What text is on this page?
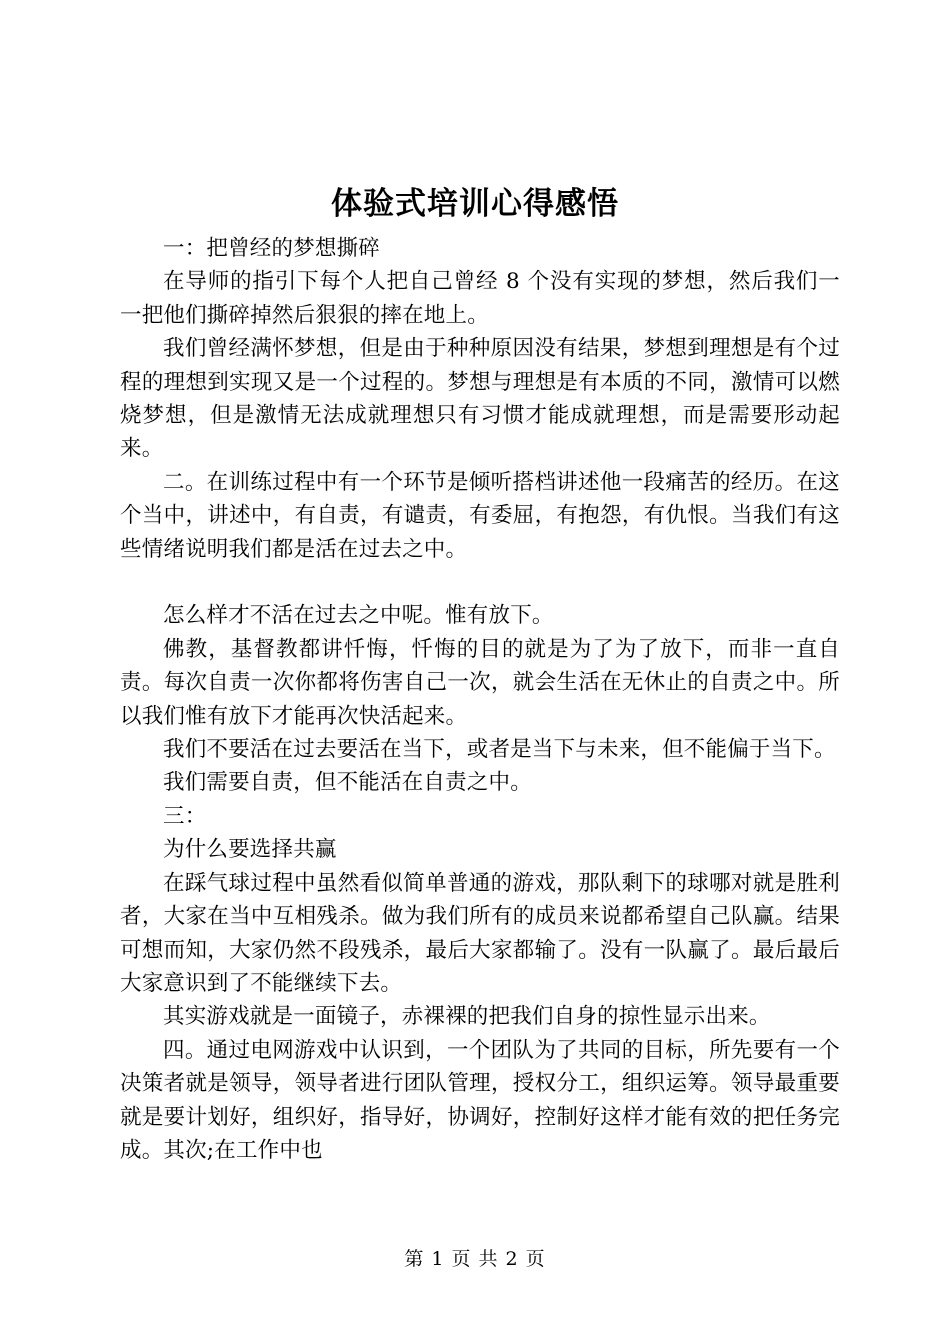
体验式培训心得感悟

一：把曾经的梦想撕碎

在导师的指引下每个人把自己曾经 8 个没有实现的梦想，然后我们一一把他们撕碎掉然后狠狠的摔在地上。

我们曾经满怀梦想，但是由于种种原因没有结果，梦想到理想是有个过程的理想到实现又是一个过程的。梦想与理想是有本质的不同，激情可以燃烧梦想，但是激情无法成就理想只有习惯才能成就理想，而是需要形动起来。

二。在训练过程中有一个环节是倾听搭档讲述他一段痛苦的经历。在这个当中，讲述中，有自责，有谴责，有委屈，有抱怨，有仇恨。当我们有这些情绪说明我们都是活在过去之中。

怎么样才不活在过去之中呢。惟有放下。

佛教，基督教都讲忏悔，忏悔的目的就是为了为了放下，而非一直自责。每次自责一次你都将伤害自己一次，就会生活在无休止的自责之中。所以我们惟有放下才能再次快活起来。

我们不要活在过去要活在当下，或者是当下与未来，但不能偏于当下。

我们需要自责，但不能活在自责之中。

三：

为什么要选择共赢

在踩气球过程中虽然看似简单普通的游戏，那队剩下的球哪对就是胜利者，大家在当中互相残杀。做为我们所有的成员来说都希望自己队赢。结果可想而知，大家仍然不段残杀，最后大家都输了。没有一队赢了。最后最后大家意识到了不能继续下去。

其实游戏就是一面镜子，赤裸裸的把我们自身的掠性显示出来。

四。通过电网游戏中认识到，一个团队为了共同的目标，所先要有一个决策者就是领导，领导者进行团队管理，授权分工，组织运筹。领导最重要就是要计划好，组织好，指导好，协调好，控制好这样才能有效的把任务完成。其次;在工作中也

第 1 页 共 2 页
